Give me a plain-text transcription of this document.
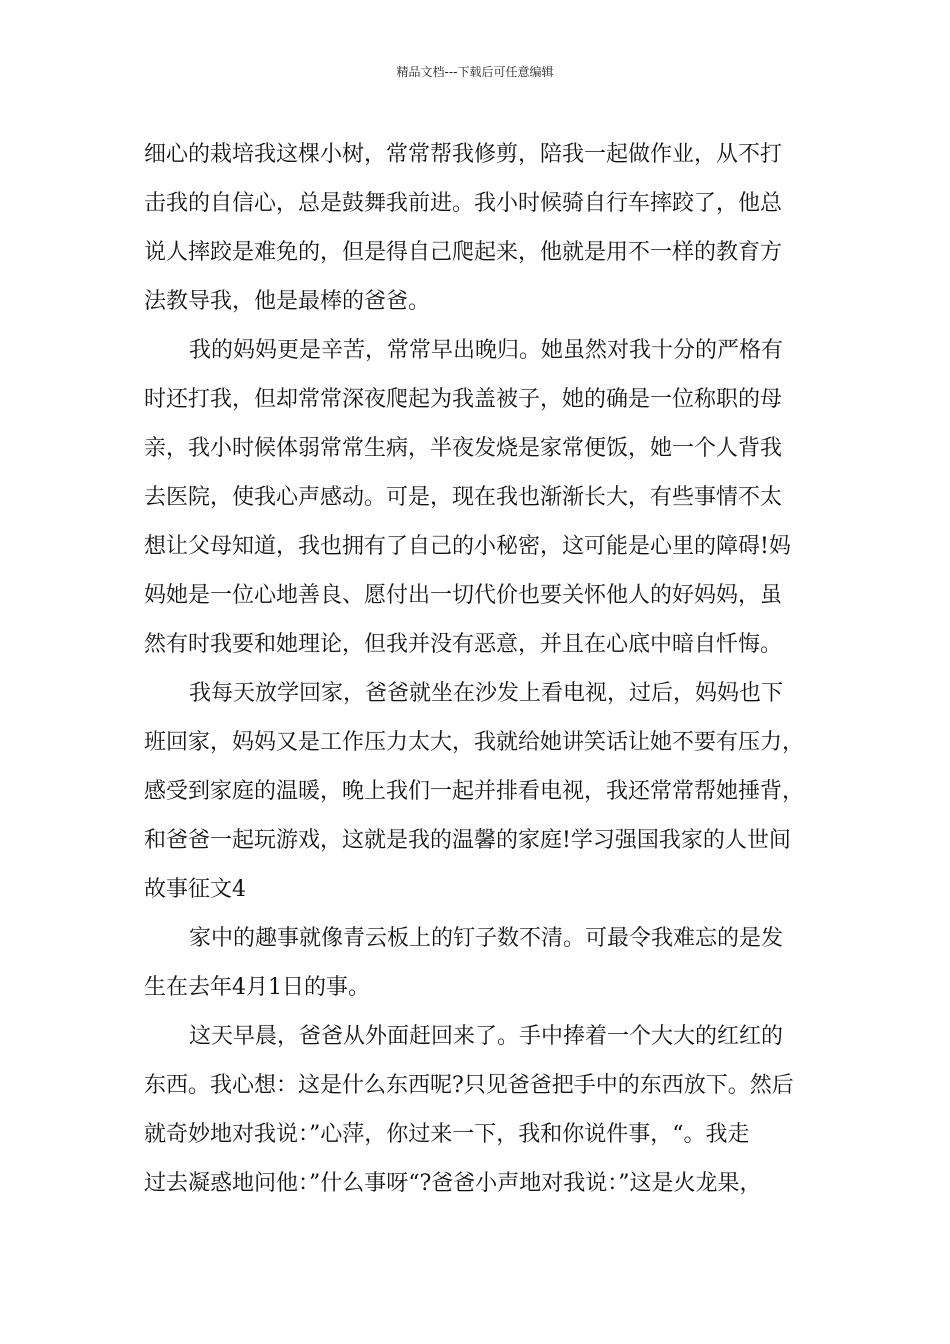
精品文档---下载后可任意编辑
细心的栽培我这棵小树，常常帮我修剪，陪我一起做作业，从不打
击我的自信心，总是鼓舞我前进。我小时候骑自行车摔跤了，他总
说人摔跤是难免的，但是得自己爬起来，他就是用不一样的教育方
法教导我，他是最棒的爸爸。
我的妈妈更是辛苦，常常早出晚归。她虽然对我十分的严格有
时还打我，但却常常深夜爬起为我盖被子，她的确是一位称职的母
亲，我小时候体弱常常生病，半夜发烧是家常便饭，她一个人背我
去医院，使我心声感动。可是，现在我也渐渐长大，有些事情不太
想让父母知道，我也拥有了自己的小秘密，这可能是心里的障碍!妈
妈她是一位心地善良、愿付出一切代价也要关怀他人的好妈妈，虽
然有时我要和她理论，但我并没有恶意，并且在心底中暗自忏悔。
我每天放学回家，爸爸就坐在沙发上看电视，过后，妈妈也下
班回家，妈妈又是工作压力太大，我就给她讲笑话让她不要有压力，
感受到家庭的温暖，晚上我们一起并排看电视，我还常常帮她捶背，
和爸爸一起玩游戏，这就是我的温馨的家庭!学习强国我家的人世间
故事征文4
家中的趣事就像青云板上的钉子数不清。可最令我难忘的是发
生在去年4月1日的事。
这天早晨，爸爸从外面赶回来了。手中捧着一个大大的红红的
东西。我心想：这是什么东西呢?只见爸爸把手中的东西放下。然后
就奇妙地对我说：”心萍，你过来一下，我和你说件事，“。我走
过去凝惑地问他：”什么事呀“?爸爸小声地对我说：”这是火龙果，
